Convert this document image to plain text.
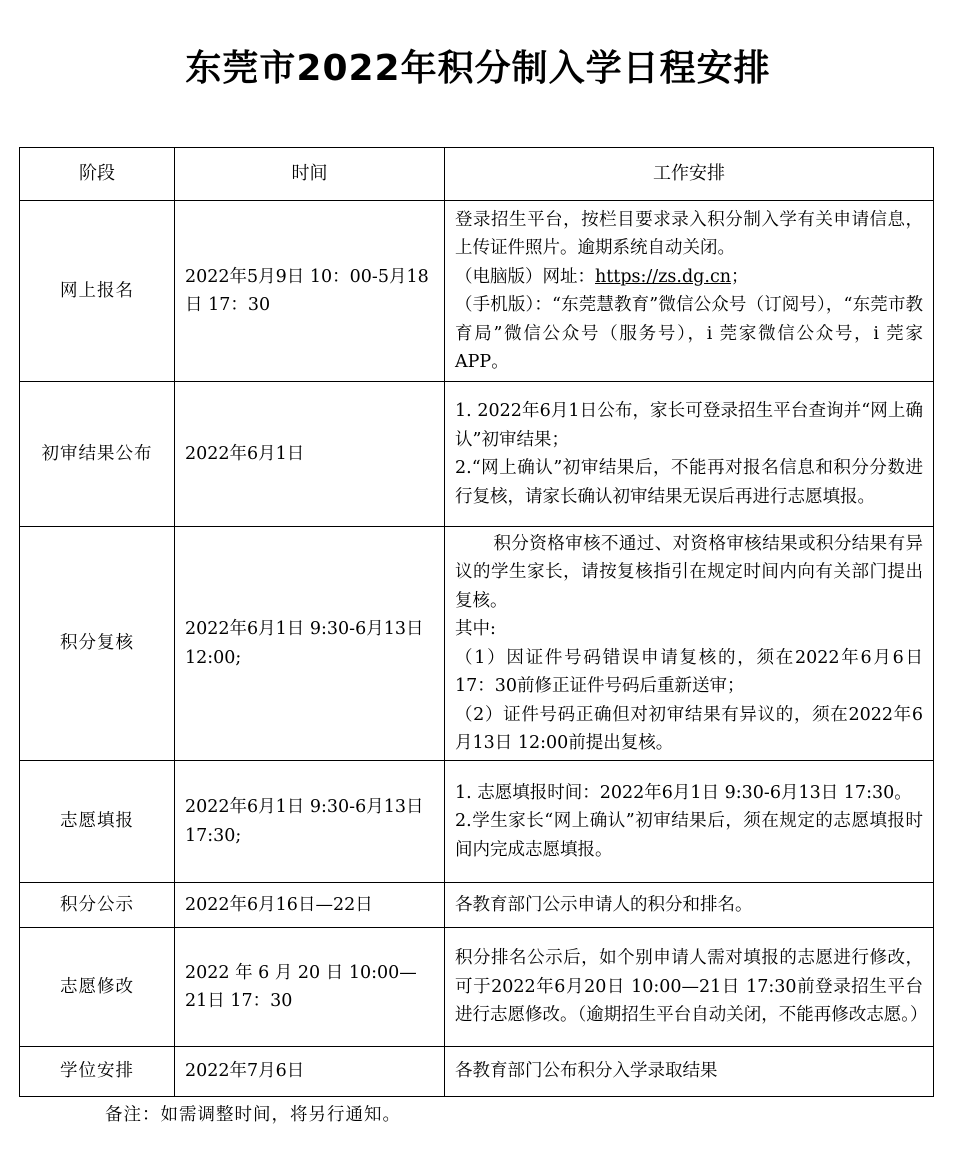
东莞市2022年积分制入学日程安排
阶段	时间	工作安排
网上报名	2022年5月9日 10：00-5月18日 17：30	登录招生平台，按栏目要求录入积分制入学有关申请信息，上传证件照片。逾期系统自动关闭。
（电脑版）网址：https://zs.dg.cn；
（手机版）：“东莞慧教育”微信公众号（订阅号），“东莞市教育局”微信公众号（服务号），i 莞家微信公众号，i 莞家 APP。

初审结果公布	2022年6月1日	1. 2022年6月1日公布，家长可登录招生平台查询并“网上确认”初审结果；
2.“网上确认”初审结果后，不能再对报名信息和积分分数进行复核，请家长确认初审结果无误后再进行志愿填报。

积分复核	2022年6月1日 9:30-6月13日 12:00;	积分资格审核不通过、对资格审核结果或积分结果有异议的学生家长，请按复核指引在规定时间内向有关部门提出复核。
其中:
（1）因证件号码错误申请复核的，须在2022年6月6日 17：30前修正证件号码后重新送审；
（2）证件号码正确但对初审结果有异议的，须在2022年6月13日 12:00前提出复核。

志愿填报	2022年6月1日 9:30-6月13日 17:30;	1. 志愿填报时间：2022年6月1日 9:30-6月13日 17:30。
2.学生家长“网上确认”初审结果后，须在规定的志愿填报时间内完成志愿填报。

积分公示	2022年6月16日—22日	各教育部门公示申请人的积分和排名。

志愿修改	2022 年 6 月 20 日 10:00—21日 17：30	积分排名公示后，如个别申请人需对填报的志愿进行修改，可于2022年6月20日 10:00—21日 17:30前登录招生平台进行志愿修改。（逾期招生平台自动关闭，不能再修改志愿。）

学位安排	2022年7月6日	各教育部门公布积分入学录取结果
备注：如需调整时间，将另行通知。
